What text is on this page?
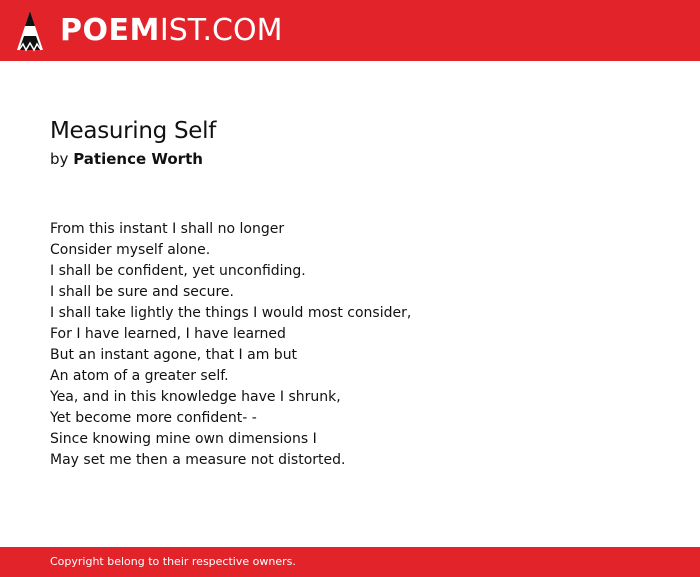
POEMIST.COM
Measuring Self
by Patience Worth
From this instant I shall no longer
Consider myself alone.
I shall be confident, yet unconfiding.
I shall be sure and secure.
I shall take lightly the things I would most consider,
For I have learned, I have learned
But an instant agone, that I am but
An atom of a greater self.
Yea, and in this knowledge have I shrunk,
Yet become more confident- -
Since knowing mine own dimensions I
May set me then a measure not distorted.
Copyright belong to their respective owners.
